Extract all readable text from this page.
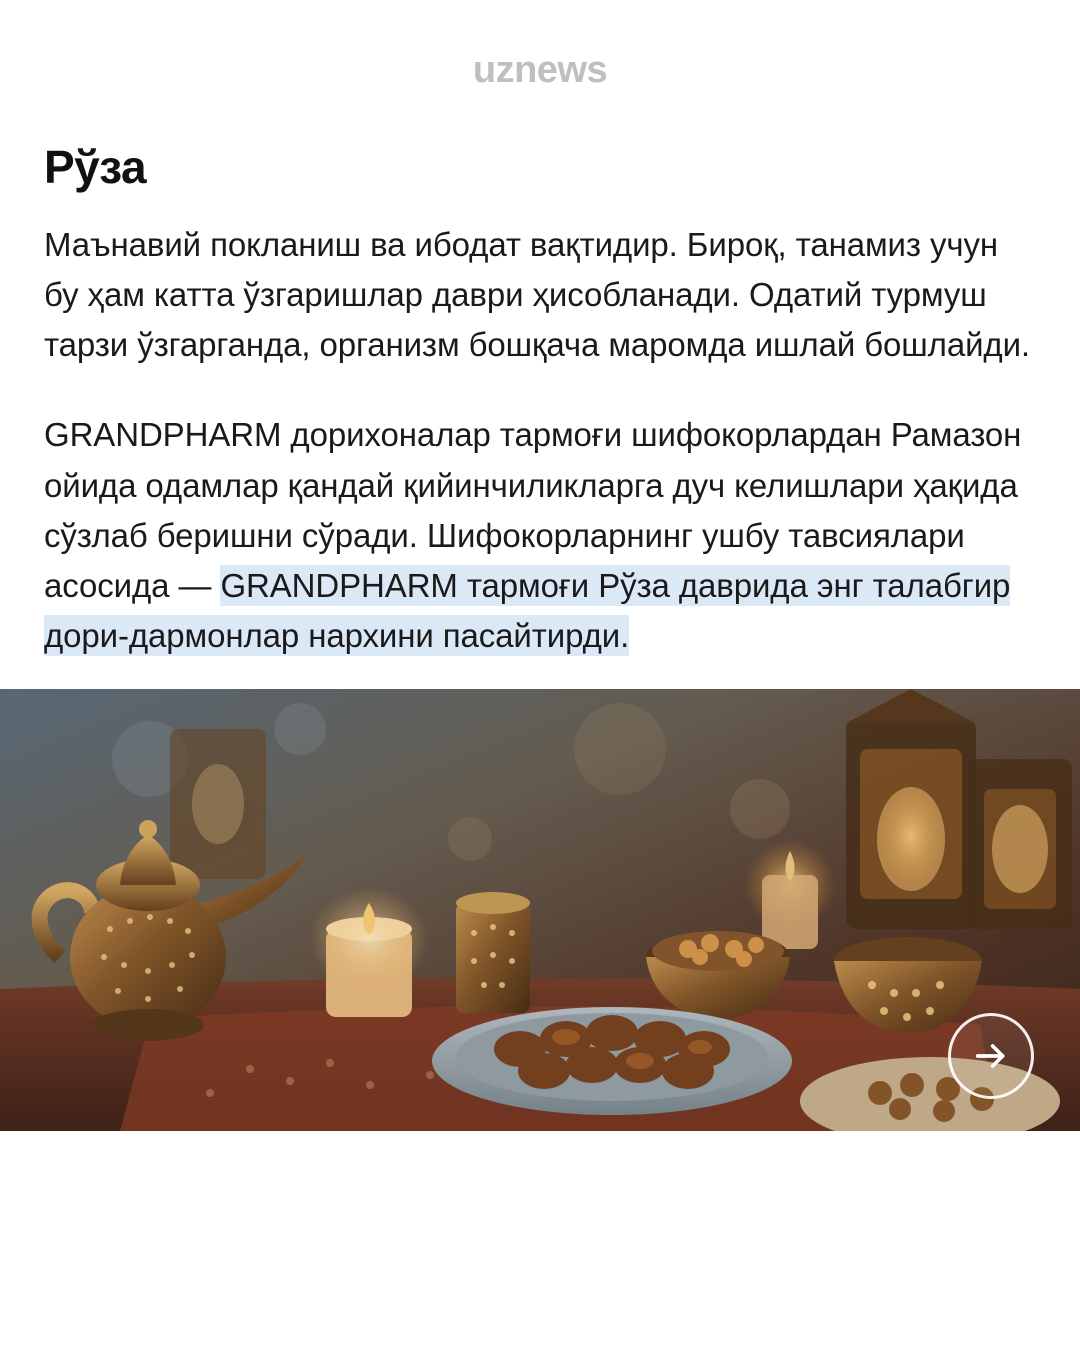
uznews
Рўза

Маънавий покланиш ва ибодат вақтидир. Бироқ, танамиз учун бу ҳам катта ўзгаришлар даври ҳисобланади. Одатий турмуш тарзи ўзгарганда, организм бошқача маромда ишлай бошлайди.

GRANDPHARM дорихоналар тармоғи шифокорлардан Рамазон ойида одамлар қандай қийинчиликларга дуч келишлари ҳақида сўзлаб беришни сўради. Шифокорларнинг ушбу тавсиялари асосида — GRANDPHARM тармоғи Рўза даврида энг талабгир дори-дармонлар нархини пасайтирди.
